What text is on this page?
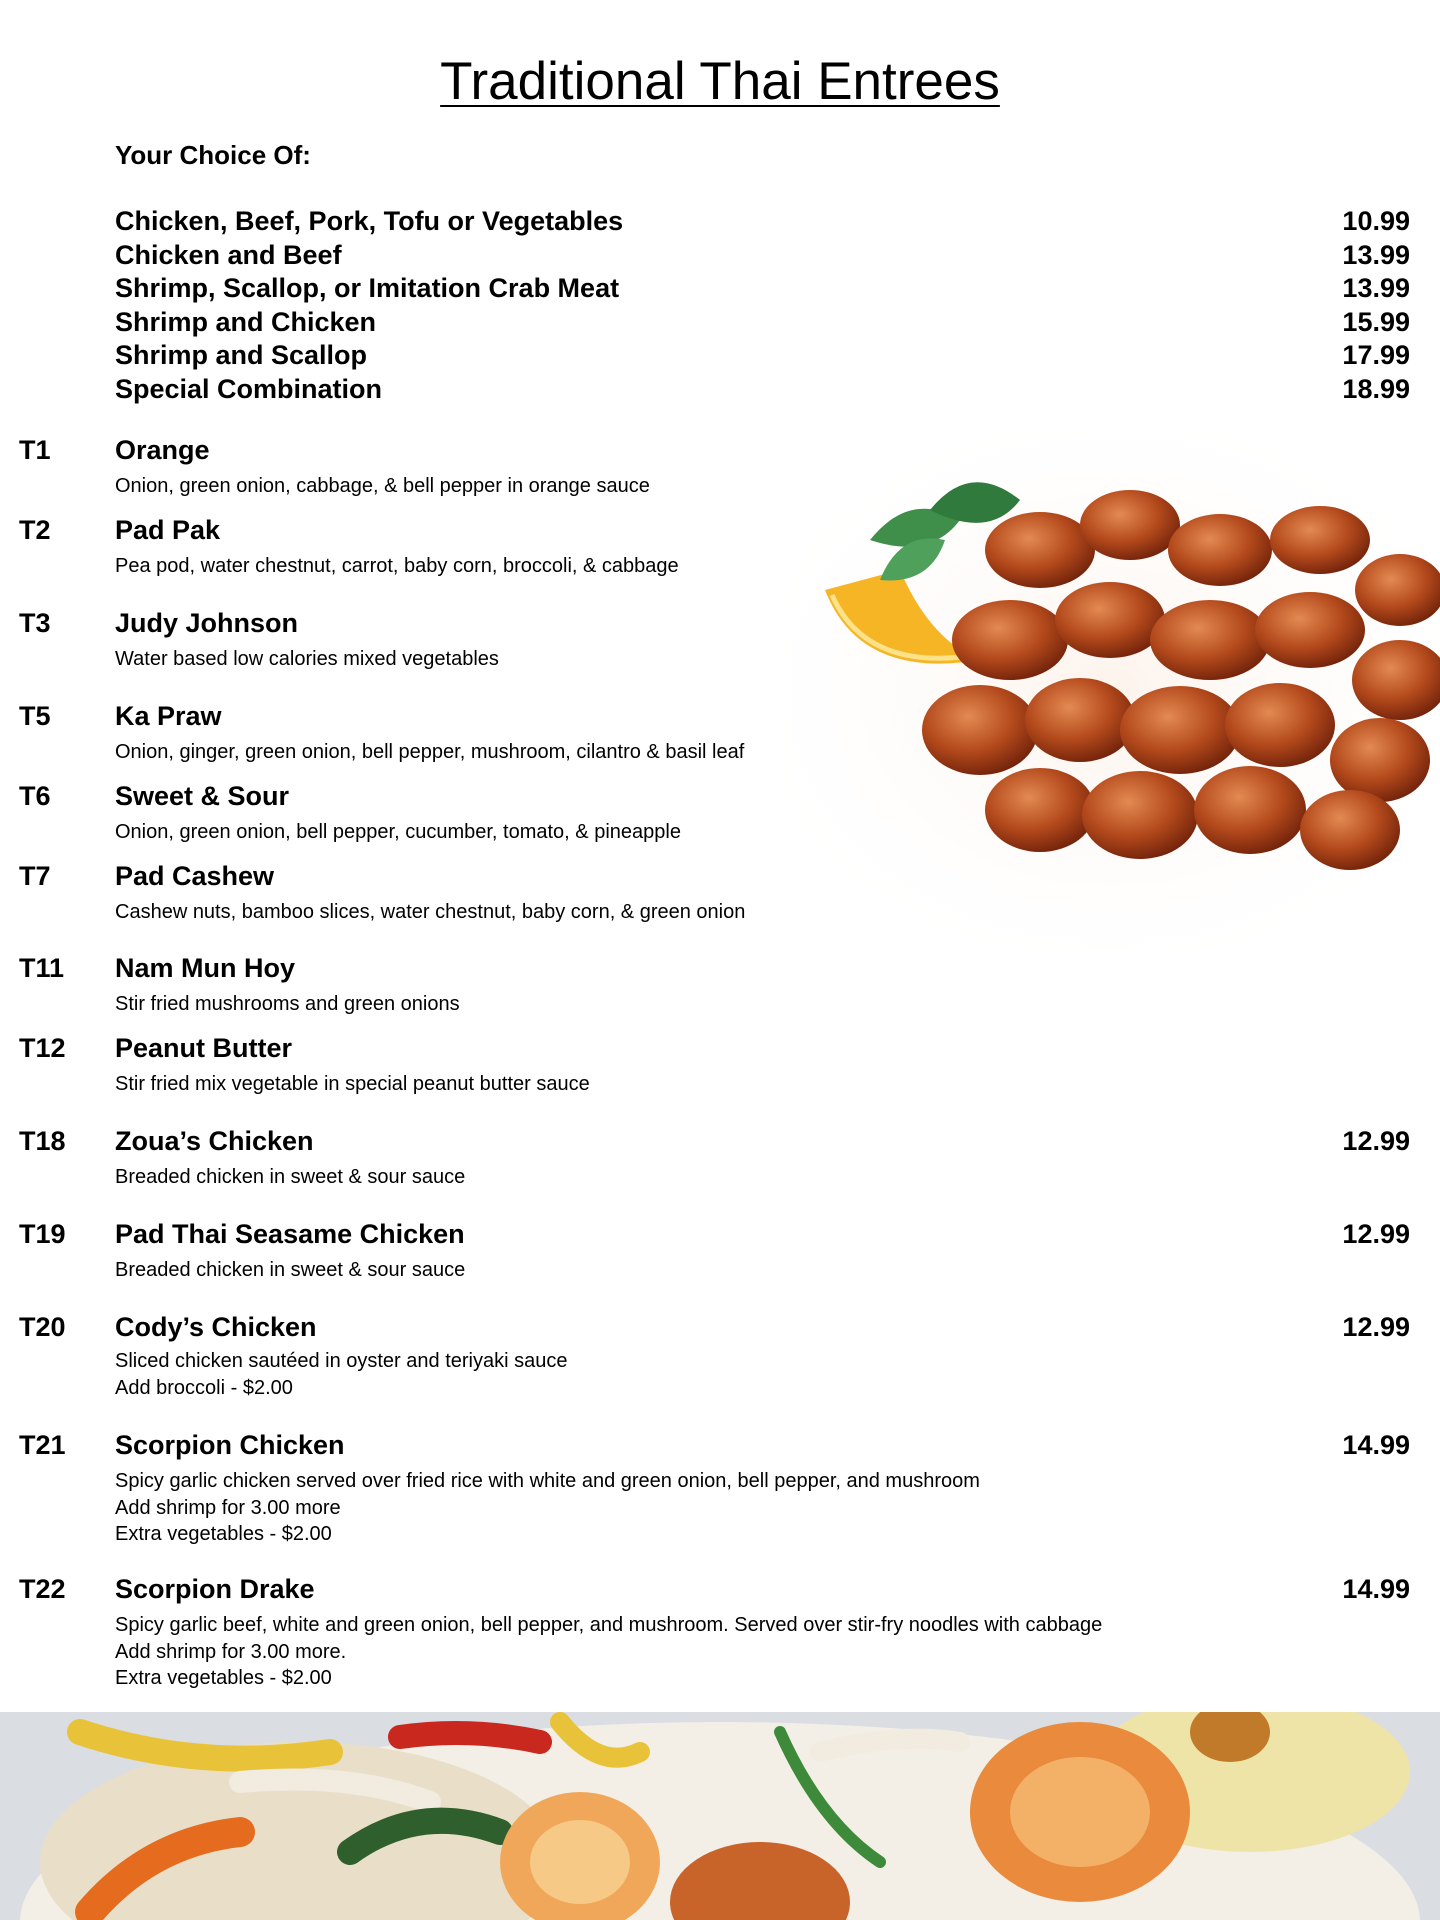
Traditional Thai Entrees
Your Choice Of:
Chicken, Beef, Pork, Tofu or Vegetables	10.99
Chicken and Beef	13.99
Shrimp, Scallop, or Imitation Crab Meat	13.99
Shrimp and Chicken	15.99
Shrimp and Scallop	17.99
Special Combination	18.99
T1 Orange
Onion, green onion, cabbage, & bell pepper in orange sauce
T2 Pad Pak
Pea pod, water chestnut, carrot, baby corn, broccoli, & cabbage
T3 Judy Johnson
Water based low calories mixed vegetables
T5 Ka Praw
Onion, ginger, green onion, bell pepper, mushroom, cilantro & basil leaf
T6 Sweet & Sour
Onion, green onion, bell pepper, cucumber, tomato, & pineapple
T7 Pad Cashew
Cashew nuts, bamboo slices, water chestnut, baby corn, & green onion
T11 Nam Mun Hoy
Stir fried mushrooms and green onions
T12 Peanut Butter
Stir fried mix vegetable in special peanut butter sauce
T18 Zoua’s Chicken	12.99
Breaded chicken in sweet & sour sauce
T19 Pad Thai Seasame Chicken	12.99
Breaded chicken in sweet & sour sauce
T20 Cody’s Chicken	12.99
Sliced chicken sautéed in oyster and teriyaki sauce
Add broccoli - $2.00
T21 Scorpion Chicken	14.99
Spicy garlic chicken served over fried rice with white and green onion, bell pepper, and mushroom
Add shrimp for 3.00 more
Extra vegetables - $2.00
T22 Scorpion Drake	14.99
Spicy garlic beef, white and green onion, bell pepper, and mushroom. Served over stir-fry noodles with cabbage
Add shrimp for 3.00 more.
Extra vegetables - $2.00
